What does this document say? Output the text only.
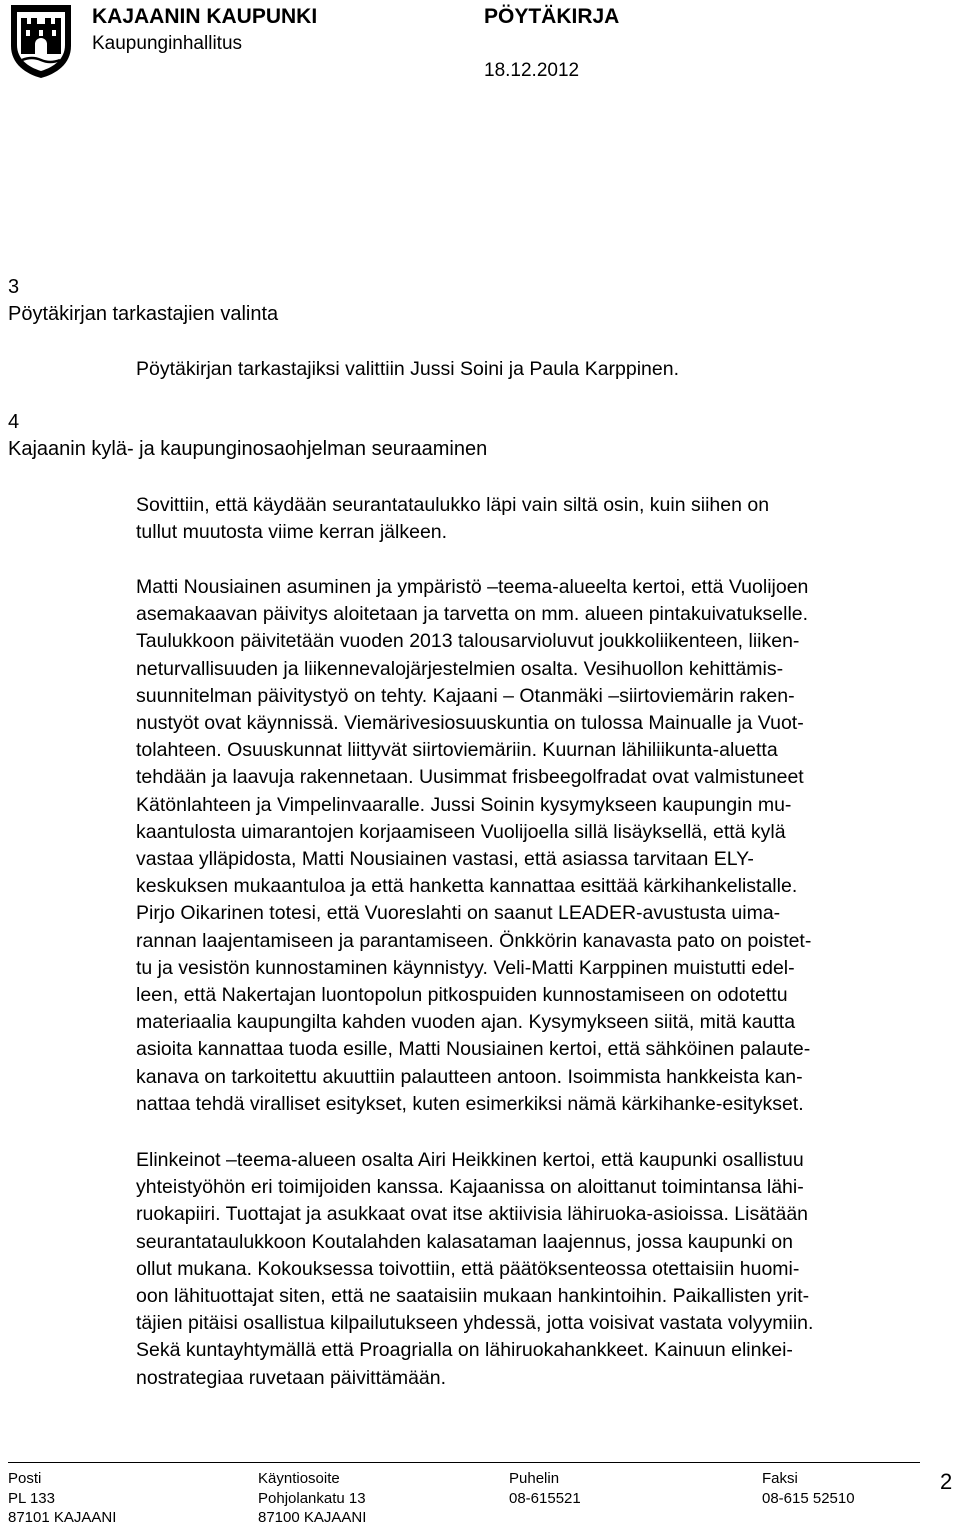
KAJAANIN KAUPUNKI
Kaupunginhallitus
PÖYTÄKIRJA
18.12.2012
3
Pöytäkirjan tarkastajien valinta
Pöytäkirjan tarkastajiksi valittiin Jussi Soini ja Paula Karppinen.
4
Kajaanin kylä- ja kaupunginosaohjelman seuraaminen
Sovittiin, että käydään seurantataulukko läpi vain siltä osin, kuin siihen on
tullut muutosta viime kerran jälkeen.
Matti Nousiainen asuminen ja ympäristö –teema-alueelta kertoi, että Vuolijoen
asemakaavan päivitys aloitetaan ja tarvetta on mm. alueen pintakuivatukselle.
Taulukkoon päivitetään vuoden 2013 talousarvioluvut joukkoliikenteen, liiken-
neturvallisuuden ja liikennevalojärjestelmien osalta. Vesihuollon kehittämis-
suunnitelman päivitystyö on tehty. Kajaani – Otanmäki –siirtoviemärin raken-
nustyöt ovat käynnissä. Viemärivesiosuuskuntia on tulossa Mainualle ja Vuot-
tolahteen. Osuuskunnat liittyvät siirtoviemäriin. Kuurnan lähiliikunta-aluetta
tehdään ja laavuja rakennetaan. Uusimmat frisbeegolfradat ovat valmistuneet
Kätönlahteen ja Vimpelinvaaralle. Jussi Soinin kysymykseen kaupungin mu-
kaantulosta uimarantojen korjaamiseen Vuolijoella sillä lisäyksellä, että kylä
vastaa ylläpidosta, Matti Nousiainen vastasi, että asiassa tarvitaan ELY-
keskuksen mukaantuloa ja että hanketta kannattaa esittää kärkihankelistalle.
Pirjo Oikarinen totesi, että Vuoreslahti on saanut LEADER-avustusta uima-
rannan laajentamiseen ja parantamiseen. Önkkörin kanavasta pato on poistet-
tu ja vesistön kunnostaminen käynnistyy. Veli-Matti Karppinen muistutti edel-
leen, että Nakertajan luontopolun pitkospuiden kunnostamiseen on odotettu
materiaalia kaupungilta kahden vuoden ajan. Kysymykseen siitä, mitä kautta
asioita kannattaa tuoda esille, Matti Nousiainen kertoi, että sähköinen palaute-
kanava on tarkoitettu akuuttiin palautteen antoon. Isoimmista hankkeista kan-
nattaa tehdä viralliset esitykset, kuten esimerkiksi nämä kärkihanke-esitykset.
Elinkeinot –teema-alueen osalta Airi Heikkinen kertoi, että kaupunki osallistuu
yhteistyöhön eri toimijoiden kanssa. Kajaanissa on aloittanut toimintansa lähi-
ruokapiiri. Tuottajat ja asukkaat ovat itse aktiivisia lähiruoka-asioissa. Lisätään
seurantataulukkoon Koutalahden kalasataman laajennus, jossa kaupunki on
ollut mukana. Kokouksessa toivottiin, että päätöksenteossa otettaisiin huomi-
oon lähituottajat siten, että ne saataisiin mukaan hankintoihin. Paikallisten yrit-
täjien pitäisi osallistua kilpailutukseen yhdessä, jotta voisivat vastata volyymiin.
Sekä kuntayhtymällä että Proagrialla on lähiruokahankkeet. Kainuun elinkei-
nostrategiaa ruvetaan päivittämään.
Posti
PL 133
87101 KAJAANI
Käyntiosoite
Pohjolankatu 13
87100 KAJAANI
Puhelin
08-615521
Faksi
08-615 52510
2
